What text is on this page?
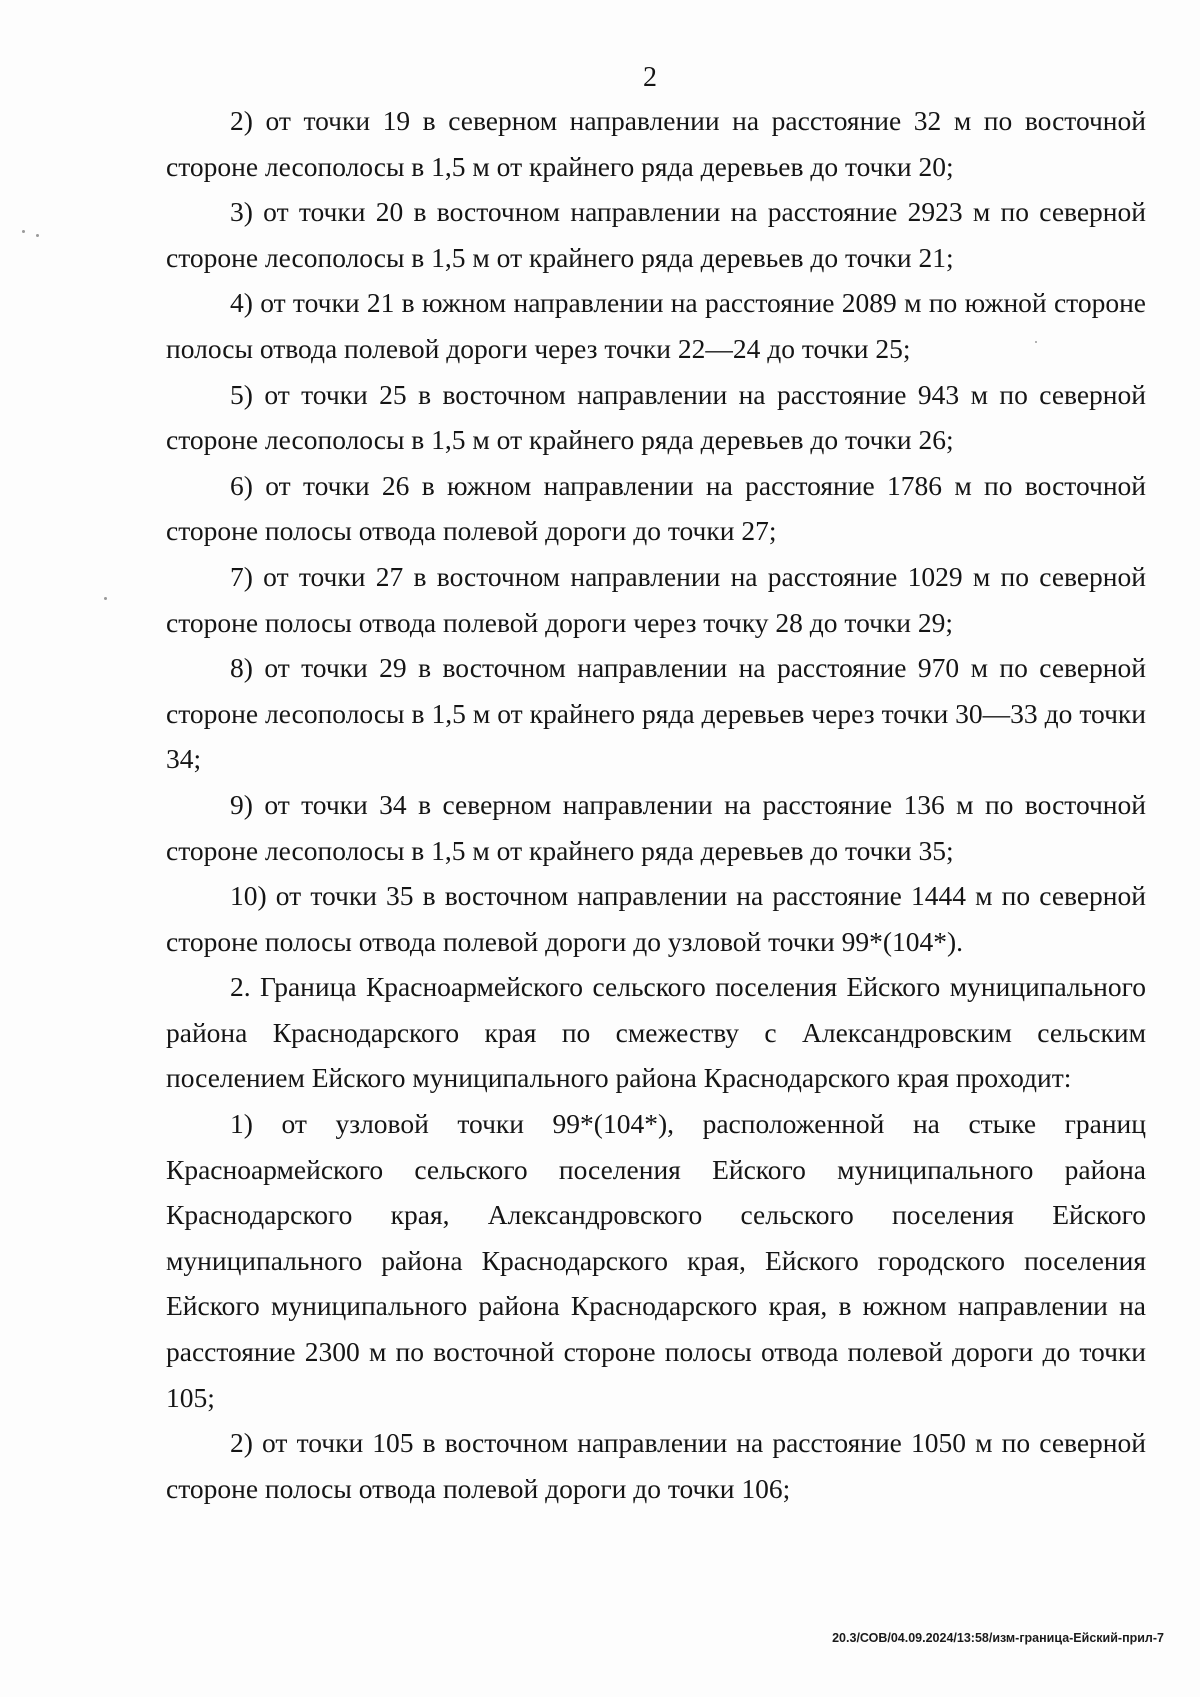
2

2) от точки 19 в северном направлении на расстояние 32 м по восточной стороне лесополосы в 1,5 м от крайнего ряда деревьев до точки 20;

3) от точки 20 в восточном направлении на расстояние 2923 м по северной стороне лесополосы в 1,5 м от крайнего ряда деревьев до точки 21;

4) от точки 21 в южном направлении на расстояние 2089 м по южной стороне полосы отвода полевой дороги через точки 22—24 до точки 25;

5) от точки 25 в восточном направлении на расстояние 943 м по северной стороне лесополосы в 1,5 м от крайнего ряда деревьев до точки 26;

6) от точки 26 в южном направлении на расстояние 1786 м по восточной стороне полосы отвода полевой дороги до точки 27;

7) от точки 27 в восточном направлении на расстояние 1029 м по северной стороне полосы отвода полевой дороги через точку 28 до точки 29;

8) от точки 29 в восточном направлении на расстояние 970 м по северной стороне лесополосы в 1,5 м от крайнего ряда деревьев через точки 30—33 до точки 34;

9) от точки 34 в северном направлении на расстояние 136 м по восточной стороне лесополосы в 1,5 м от крайнего ряда деревьев до точки 35;

10) от точки 35 в восточном направлении на расстояние 1444 м по северной стороне полосы отвода полевой дороги до узловой точки 99*(104*).

2. Граница Красноармейского сельского поселения Ейского муниципального района Краснодарского края по смежеству с Александровским сельским поселением Ейского муниципального района Краснодарского края проходит:

1) от узловой точки 99*(104*), расположенной на стыке границ Красноармейского сельского поселения Ейского муниципального района Краснодарского края, Александровского сельского поселения Ейского муниципального района Краснодарского края, Ейского городского поселения Ейского муниципального района Краснодарского края, в южном направлении на расстояние 2300 м по восточной стороне полосы отвода полевой дороги до точки 105;

2) от точки 105 в восточном направлении на расстояние 1050 м по северной стороне полосы отвода полевой дороги до точки 106;

20.3/СОВ/04.09.2024/13:58/изм-граница-Ейский-прил-7
